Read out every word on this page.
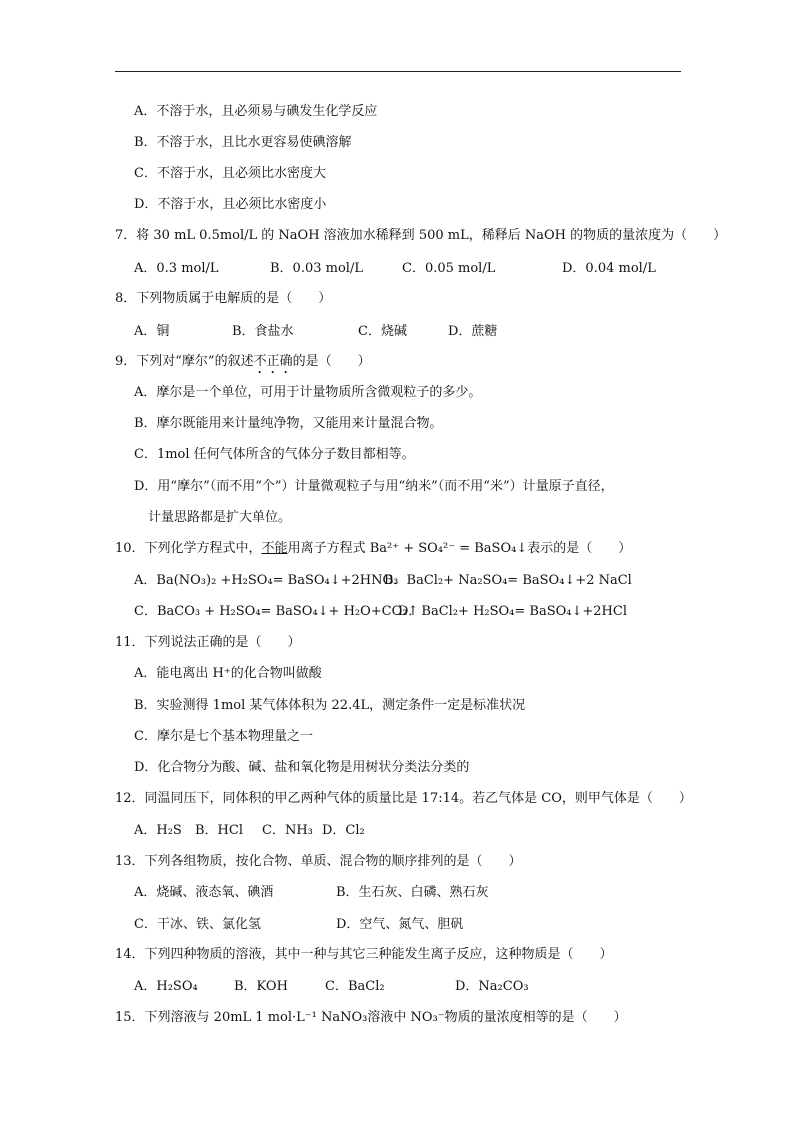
A．不溶于水，且必须易与碘发生化学反应
B．不溶于水，且比水更容易使碘溶解
C．不溶于水，且必须比水密度大
D．不溶于水，且必须比水密度小
7．将 30 mL 0.5mol/L 的 NaOH 溶液加水稀释到 500 mL，稀释后 NaOH 的物质的量浓度为（　　）
A．0.3 mol/L	B．0.03 mol/L	C．0.05 mol/L	D．0.04 mol/L
8．下列物质属于电解质的是（　　）
A．铜	B．食盐水	C．烧碱	D．蔗糖
9．下列对“摩尔”的叙述不正确的是（　　）
A．摩尔是一个单位，可用于计量物质所含微观粒子的多少。
B．摩尔既能用来计量纯净物，又能用来计量混合物。
C．1mol 任何气体所含的气体分子数目都相等。
D．用“摩尔”（而不用“个”）计量微观粒子与用“纳米”（而不用“米”）计量原子直径，
计量思路都是扩大单位。
10．下列化学方程式中，不能用离子方程式 Ba²⁺ + SO₄²⁻ = BaSO₄↓表示的是（　　）
A．Ba(NO₃)₂ +H₂SO₄= BaSO₄↓+2HNO₃
B．BaCl₂+ Na₂SO₄= BaSO₄↓+2 NaCl
C．BaCO₃ + H₂SO₄= BaSO₄↓+ H₂O+CO₂↑
D．BaCl₂+ H₂SO₄= BaSO₄↓+2HCl
11．下列说法正确的是（　　）
A．能电离出 H⁺的化合物叫做酸
B．实验测得 1mol 某气体体积为 22.4L，测定条件一定是标准状况
C．摩尔是七个基本物理量之一
D．化合物分为酸、碱、盐和氧化物是用树状分类法分类的
12．同温同压下，同体积的甲乙两种气体的质量比是 17:14。若乙气体是 CO，则甲气体是（　　）
A．H₂S B．HCl C．NH₃ D．Cl₂
13．下列各组物质，按化合物、单质、混合物的顺序排列的是（　　）
A．烧碱、液态氧、碘酒	B．生石灰、白磷、熟石灰
C．干冰、铁、氯化氢	D．空气、氮气、胆矾
14．下列四种物质的溶液，其中一种与其它三种能发生离子反应，这种物质是（　　）
A．H₂SO₄	B．KOH	C．BaCl₂	D．Na₂CO₃
15．下列溶液与 20mL 1 mol·L⁻¹ NaNO₃溶液中 NO₃⁻物质的量浓度相等的是（　　）
